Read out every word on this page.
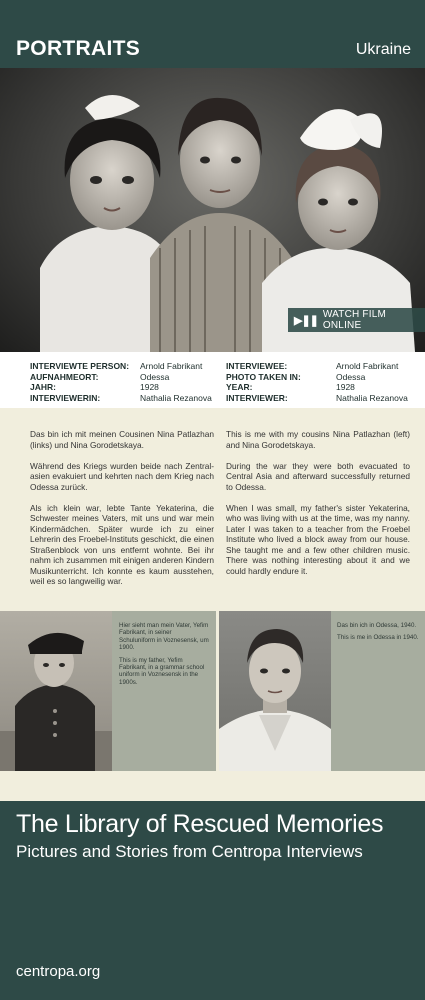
PORTRAITS	Ukraine
▶❚❚ WATCH FILM ONLINE
INTERVIEWTE PERSON:
AUFNAHMEORT:
JAHR:
INTERVIEWERIN:
Arnold Fabrikant
Odessa
1928
Nathalia Rezanova
INTERVIEWEE:
PHOTO TAKEN IN:
YEAR:
INTERVIEWER:
Arnold Fabrikant
Odessa
1928
Nathalia Rezanova

Das bin ich mit meinen Cousinen Nina Patlazhan (links) und Nina Gorodetskaya.

Während des Kriegs wurden beide nach Zentral-asien evakuiert und kehrten nach dem Krieg nach Odessa zurück.

Als ich klein war, lebte Tante Yekaterina, die Schwester meines Vaters, mit uns und war mein Kindermädchen. Später wurde ich zu einer Lehrerin des Froebel-Instituts geschickt, die einen Straßenblock von uns entfernt wohnte. Bei ihr nahm ich zusammen mit einigen anderen Kindern Musikunterricht. Ich konnte es kaum ausstehen, weil es so langweilig war.

This is me with my cousins Nina Patlazhan (left) and Nina Gorodetskaya.

During the war they were both evacuated to Central Asia and afterward successfully returned to Odessa.

When I was small, my father's sister Yekaterina, who was living with us at the time, was my nanny. Later I was taken to a teacher from the Froebel Institute who lived a block away from our house. She taught me and a few other children music. There was nothing interesting about it and we could hardly endure it.

Hier sieht man mein Vater, Yefim Fabrikant, in seiner Schuluniform in Voznesensk, um 1900.

This is my father, Yefim Fabrikant, in a grammar school uniform in Voznesensk in the 1900s.

Das bin ich in Odessa, 1940.

This is me in Odessa in 1940.

The Library of Rescued Memories
Pictures and Stories from Centropa Interviews
centropa.org
